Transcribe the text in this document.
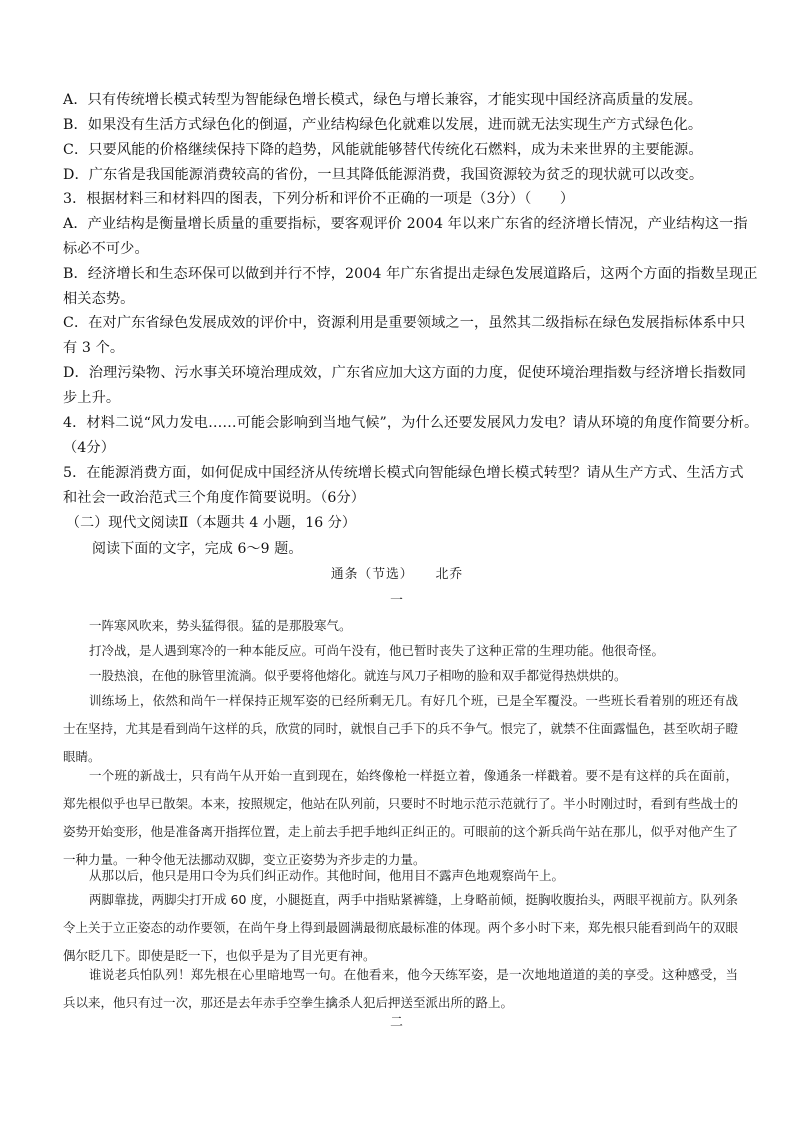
A．只有传统增长模式转型为智能绿色增长模式，绿色与增长兼容，才能实现中国经济高质量的发展。
B．如果没有生活方式绿色化的倒逼，产业结构绿色化就难以发展，进而就无法实现生产方式绿色化。
C．只要风能的价格继续保持下降的趋势，风能就能够替代传统化石燃料，成为未来世界的主要能源。
D．广东省是我国能源消费较高的省份，一旦其降低能源消费，我国资源较为贫乏的现状就可以改变。
3．根据材料三和材料四的图表，下列分析和评价不正确的一项是（3分）（　　）
A．产业结构是衡量增长质量的重要指标，要客观评价 2004 年以来广东省的经济增长情况，产业结构这一指
标必不可少。
B．经济增长和生态环保可以做到并行不悖，2004 年广东省提出走绿色发展道路后，这两个方面的指数呈现正
相关态势。
C．在对广东省绿色发展成效的评价中，资源利用是重要领域之一，虽然其二级指标在绿色发展指标体系中只
有 3 个。
D．治理污染物、污水事关环境治理成效，广东省应加大这方面的力度，促使环境治理指数与经济增长指数同
步上升。
4．材料二说“风力发电……可能会影响到当地气候”，为什么还要发展风力发电？请从环境的角度作简要分析。
（4分）
5．在能源消费方面，如何促成中国经济从传统增长模式向智能绿色增长模式转型？请从生产方式、生活方式
和社会一政治范式三个角度作简要说明。（6分）
（二）现代文阅读Ⅱ（本题共 4 小题，16 分）
阅读下面的文字，完成 6～9 题。
通条（节选） 北乔
一
一阵寒风吹来，势头猛得很。猛的是那股寒气。
打冷战，是人遇到寒冷的一种本能反应。可尚午没有，他已暂时丧失了这种正常的生理功能。他很奇怪。
一股热浪，在他的脉管里流淌。似乎要将他熔化。就连与风刀子相吻的脸和双手都觉得热烘烘的。
训练场上，依然和尚午一样保持正规军姿的已经所剩无几。有好几个班，已是全军覆没。一些班长看着别的班还有战士在坚持，尤其是看到尚午这样的兵，欣赏的同时，就恨自己手下的兵不争气。恨完了，就禁不住面露愠色，甚至吹胡子瞪眼睛。
一个班的新战士，只有尚午从开始一直到现在，始终像枪一样挺立着，像通条一样戳着。要不是有这样的兵在面前，郑先根似乎也早已散架。本来，按照规定，他站在队列前，只要时不时地示范示范就行了。半小时刚过时，看到有些战士的姿势开始变形，他是准备离开指挥位置，走上前去手把手地纠正纠正的。可眼前的这个新兵尚午站在那儿，似乎对他产生了一种力量。一种令他无法挪动双脚，变立正姿势为齐步走的力量。
从那以后，他只是用口令为兵们纠正动作。其他时间，他用目不露声色地观察尚午上。
两脚靠拢，两脚尖打开成 60 度，小腿挺直，两手中指贴紧裤缝，上身略前倾，挺胸收腹抬头，两眼平视前方。队列条令上关于立正姿态的动作要领，在尚午身上得到最圆满最彻底最标准的体现。两个多小时下来，郑先根只能看到尚午的双眼偶尔眨几下。即使是眨一下，也似乎是为了目光更有神。
谁说老兵怕队列！郑先根在心里暗地骂一句。在他看来，他今天练军姿，是一次地地道道的美的享受。这种感受，当兵以来，他只有过一次，那还是去年赤手空拳生擒杀人犯后押送至派出所的路上。
二
